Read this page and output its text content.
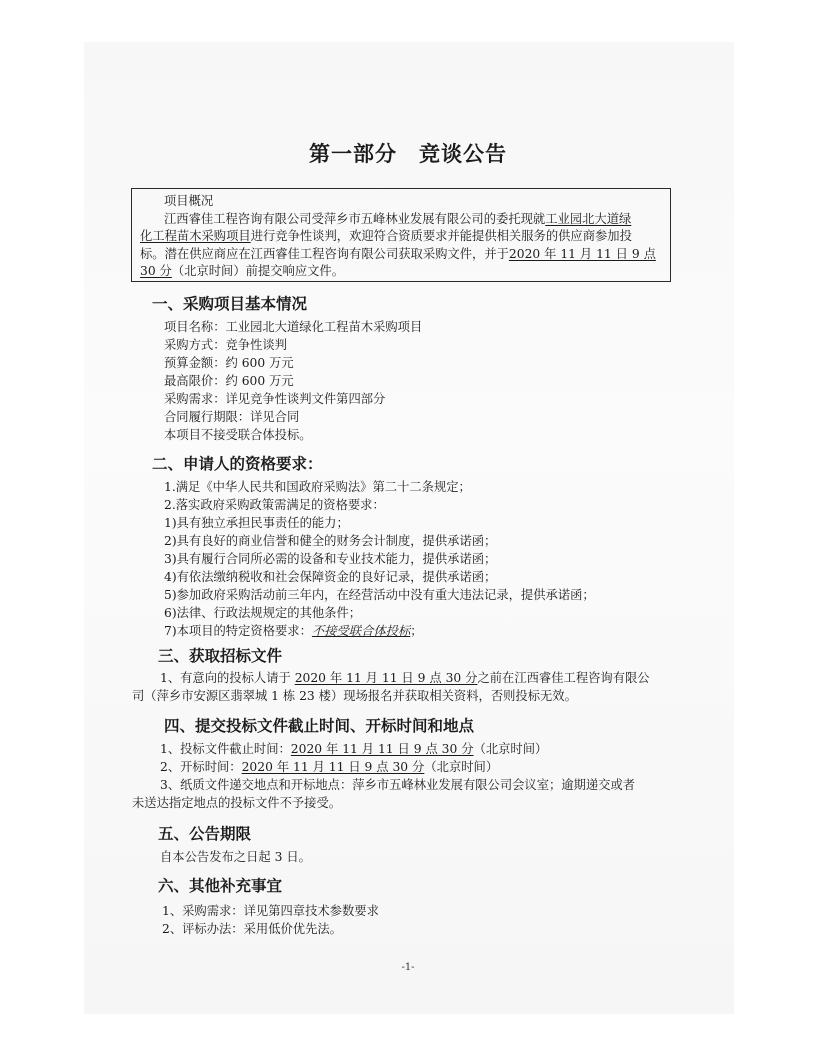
第一部分　竞谈公告
项目概况
江西睿佳工程咨询有限公司受萍乡市五峰林业发展有限公司的委托现就工业园北大道绿
化工程苗木采购项目进行竞争性谈判，欢迎符合资质要求并能提供相关服务的供应商参加投
标。潜在供应商应在江西睿佳工程咨询有限公司获取采购文件，并于2020 年 11 月 11 日 9 点
30 分（北京时间）前提交响应文件。
一、采购项目基本情况
项目名称：工业园北大道绿化工程苗木采购项目
采购方式：竞争性谈判
预算金额：约 600 万元
最高限价：约 600 万元
采购需求：详见竞争性谈判文件第四部分
合同履行期限：详见合同
本项目不接受联合体投标。
二、申请人的资格要求：
1.满足《中华人民共和国政府采购法》第二十二条规定；
2.落实政府采购政策需满足的资格要求：
1)具有独立承担民事责任的能力；
2)具有良好的商业信誉和健全的财务会计制度，提供承诺函；
3)具有履行合同所必需的设备和专业技术能力，提供承诺函；
4)有依法缴纳税收和社会保障资金的良好记录，提供承诺函；
5)参加政府采购活动前三年内，在经营活动中没有重大违法记录，提供承诺函；
6)法律、行政法规规定的其他条件；
7)本项目的特定资格要求：不接受联合体投标；
三、获取招标文件
1、有意向的投标人请于 2020 年 11 月 11 日 9 点 30 分之前在江西睿佳工程咨询有限公
司（萍乡市安源区翡翠城 1 栋 23 楼）现场报名并获取相关资料，否则投标无效。
四、提交投标文件截止时间、开标时间和地点
1、投标文件截止时间：2020 年 11 月 11 日 9 点 30 分（北京时间）
2、开标时间：2020 年 11 月 11 日 9 点 30 分（北京时间）
3、纸质文件递交地点和开标地点：萍乡市五峰林业发展有限公司会议室；逾期递交或者
未送达指定地点的投标文件不予接受。
五、公告期限
自本公告发布之日起 3 日。
六、其他补充事宜
1、采购需求：详见第四章技术参数要求
2、评标办法：采用低价优先法。
-1-
